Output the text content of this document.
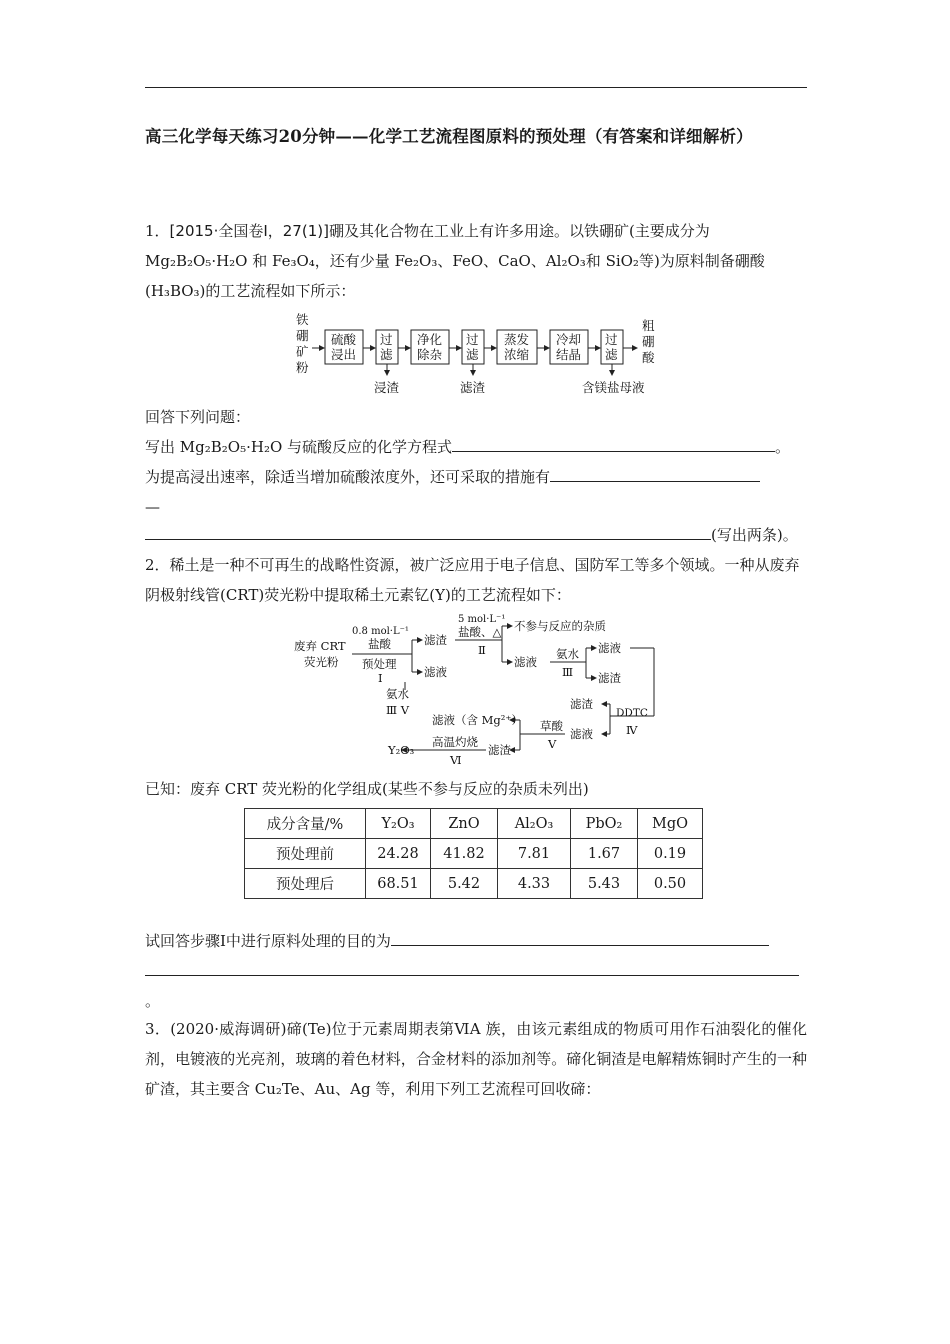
高三化学每天练习20分钟——化学工艺流程图原料的预处理（有答案和详细解析）
1．[2015·全国卷Ⅰ，27(1)]硼及其化合物在工业上有许多用途。以铁硼矿(主要成分为
Mg₂B₂O₅·H₂O 和 Fe₃O₄，还有少量 Fe₂O₃、FeO、CaO、Al₂O₃和 SiO₂等)为原料制备硼酸
(H₃BO₃)的工艺流程如下所示：
铁
硼
矿
粉
硫酸
浸出
过
滤
净化
除杂
过
滤
蒸发
浓缩
冷却
结晶
过
滤
粗
硼
酸
浸渣	滤渣	含镁盐母液
回答下列问题：
写出 Mg₂B₂O₅·H₂O 与硫酸反应的化学方程式	。
为提高浸出速率，除适当增加硫酸浓度外，还可采取的措施有
—
(写出两条)。
2．稀土是一种不可再生的战略性资源，被广泛应用于电子信息、国防军工等多个领域。一种从废弃阴极射线管(CRT)荧光粉中提取稀土元素钇(Y)的工艺流程如下：
废弃 CRT
荧光粉
0.8 mol·L⁻¹
盐酸
预处理
Ⅰ
滤渣
滤液
5 mol·L⁻¹
盐酸、△
Ⅱ
不参与反应的杂质
滤液
氨水
Ⅲ
滤液
滤渣
氨水
Ⅲ Ⅴ	DDTC
Ⅳ
滤渣
滤液
滤液（含 Mg²⁺） 草酸
Ⅴ
滤渣
高温灼烧
Ⅵ
Y₂O₃
已知：废弃 CRT 荧光粉的化学组成(某些不参与反应的杂质未列出)
成分含量/%	Y₂O₃	ZnO	Al₂O₃	PbO₂	MgO
预处理前	24.28	41.82	7.81	1.67	0.19
预处理后	68.51	5.42	4.33	5.43	0.50
试回答步骤Ⅰ中进行原料处理的目的为
。
3．(2020·威海调研)碲(Te)位于元素周期表第ⅥA 族，由该元素组成的物质可用作石油裂化的催化剂，电镀液的光亮剂，玻璃的着色材料，合金材料的添加剂等。碲化铜渣是电解精炼铜时产生的一种矿渣，其主要含 Cu₂Te、Au、Ag 等，利用下列工艺流程可回收碲：
